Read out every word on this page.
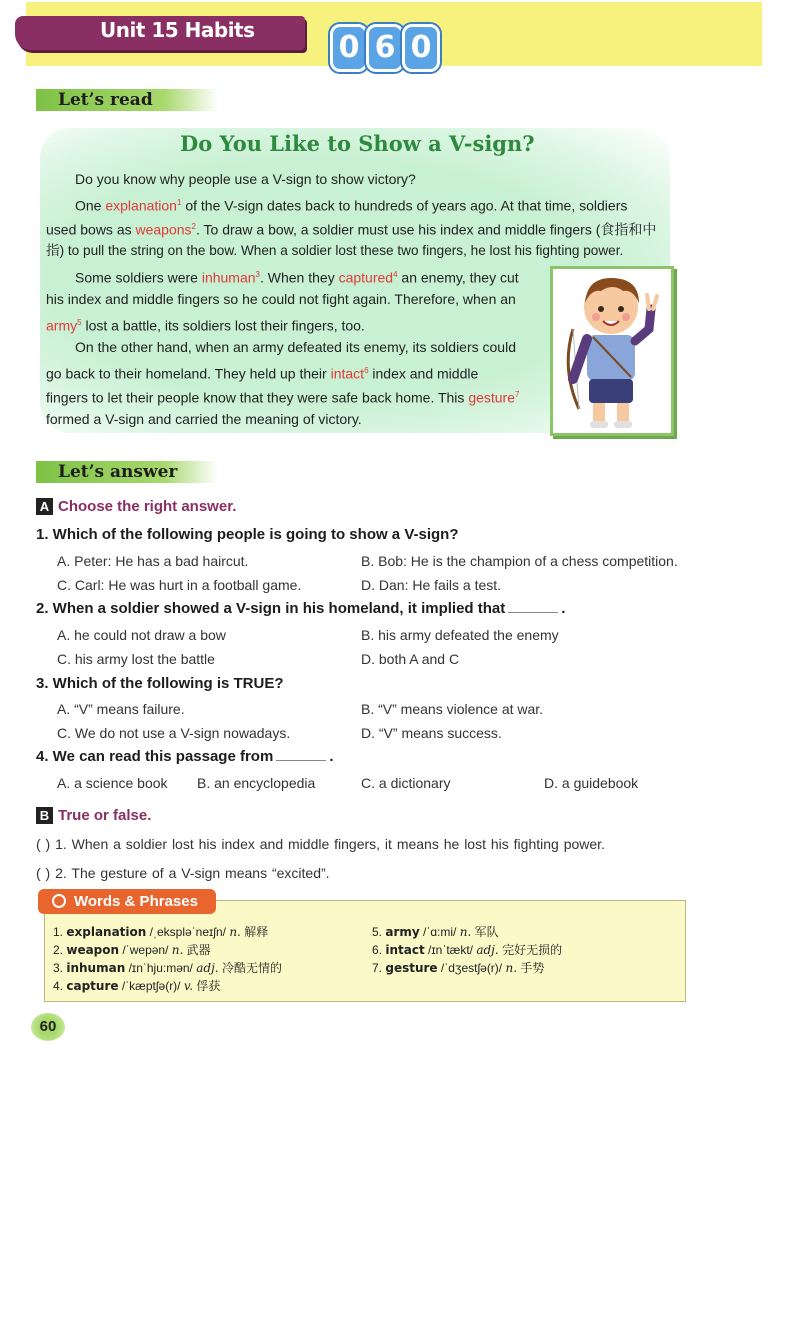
Unit 15 Habits	0 6 0
Let’s read
Do You Like to Show a V-sign?
Do you know why people use a V-sign to show victory?
One explanation$^1$ of the V-sign dates back to hundreds of years ago. At that time, soldiers
used bows as weapons$^2$. To draw a bow, a soldier must use his index and middle fingers (食指和中
指) to pull the string on the bow. When a soldier lost these two fingers, he lost his fighting power.
Some soldiers were inhuman$^3$. When they captured$^4$ an enemy, they cut
his index and middle fingers so he could not fight again. Therefore, when an
army$^5$ lost a battle, its soldiers lost their fingers, too.
On the other hand, when an army defeated its enemy, its soldiers could
go back to their homeland. They held up their intact$^6$ index and middle
fingers to let their people know that they were safe back home. This gesture$^7$
formed a V-sign and carried the meaning of victory.
Let’s answer
A Choose the right answer.
1. Which of the following people is going to show a V-sign?
A. Peter: He has a bad haircut.	B. Bob: He is the champion of a chess competition.
C. Carl: He was hurt in a football game.	D. Dan: He fails a test.
2. When a soldier showed a V-sign in his homeland, it implied that	.
A. he could not draw a bow	B. his army defeated the enemy
C. his army lost the battle	D. both A and C
3. Which of the following is TRUE?
A. “V” means failure.	B. “V” means violence at war.
C. We do not use a V-sign nowadays.	D. “V” means success.
4. We can read this passage from	.
A. a science book B. an encyclopedia	C. a dictionary	D. a guidebook
B True or false.
( ) 1. When a soldier lost his index and middle fingers, it means he lost his fighting power.
( ) 2. The gesture of a V-sign means “excited”.
Words & Phrases
1. explanation /ˌekspləˈneɪʃn/ n. 解释
2. weapon /ˈwepən/ n. 武器
3. inhuman /ɪnˈhju:mən/ adj. 冷酷无情的
4. capture /ˈkæptʃə(r)/ v. 俘获
5. army /ˈɑ:mi/ n. 军队
6. intact /ɪnˈtækt/ adj. 完好无损的
7. gesture /ˈdʒestʃə(r)/ n. 手势
60
